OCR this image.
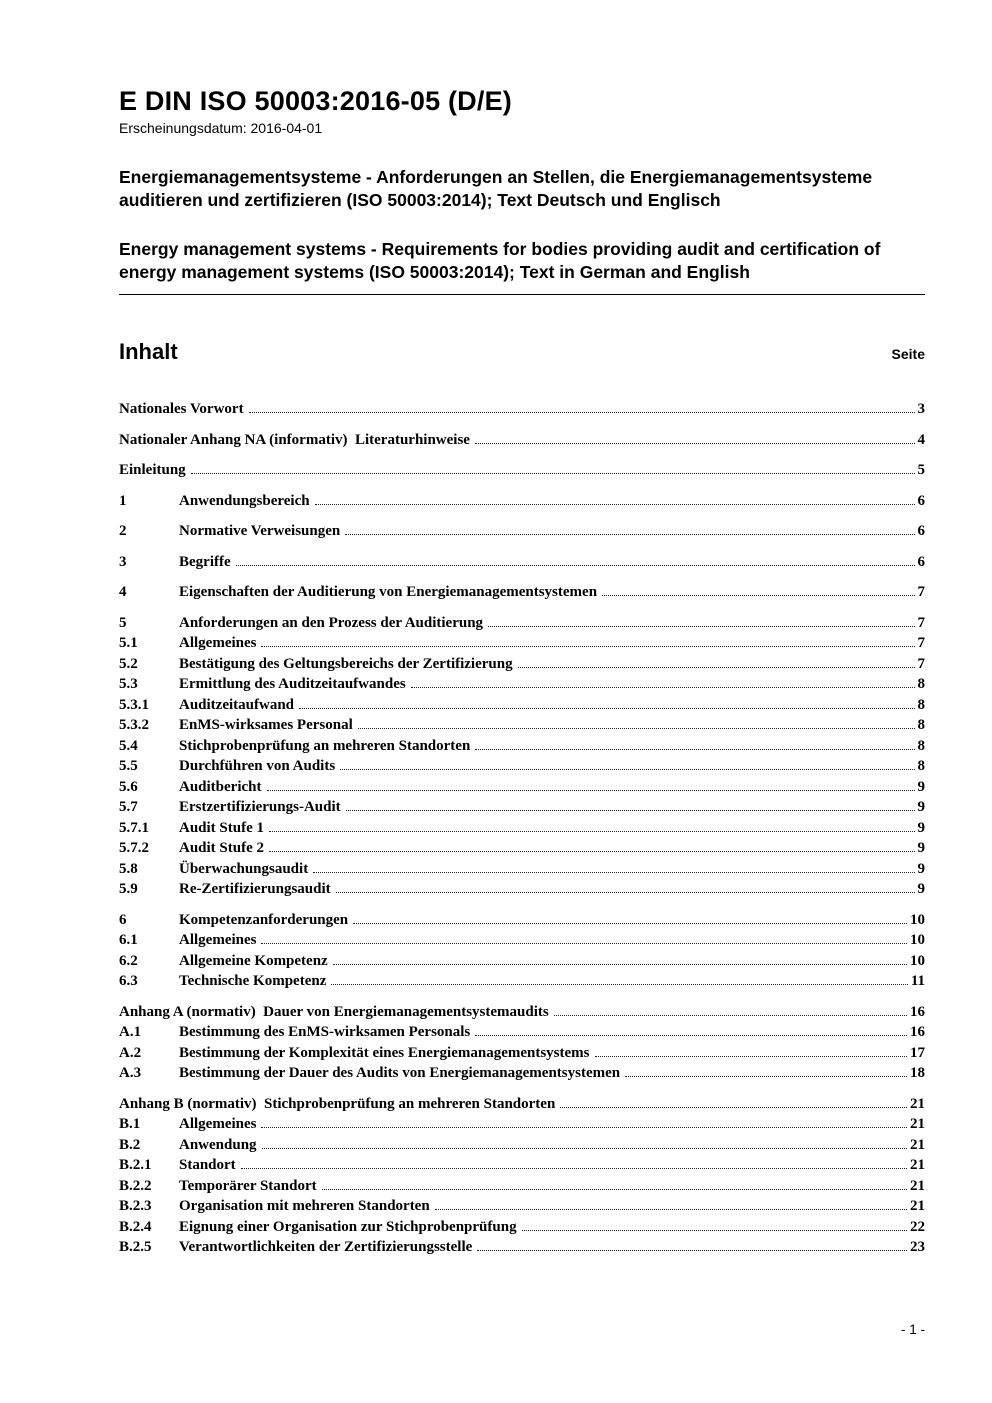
E DIN ISO 50003:2016-05 (D/E)
Erscheinungsdatum: 2016-04-01

Energiemanagementsysteme - Anforderungen an Stellen, die Energiemanagementsysteme auditieren und zertifizieren (ISO 50003:2014); Text Deutsch und Englisch

Energy management systems - Requirements for bodies providing audit and certification of energy management systems (ISO 50003:2014); Text in German and English

Inhalt	Seite
Nationales Vorwort	3
Nationaler Anhang NA (informativ)  Literaturhinweise	4
Einleitung	5
1	Anwendungsbereich	6
2	Normative Verweisungen	6
3	Begriffe	6
4	Eigenschaften der Auditierung von Energiemanagementsystemen	7
5	Anforderungen an den Prozess der Auditierung	7
5.1	Allgemeines	7
5.2	Bestätigung des Geltungsbereichs der Zertifizierung	7
5.3	Ermittlung des Auditzeitaufwandes	8
5.3.1	Auditzeitaufwand	8
5.3.2	EnMS-wirksames Personal	8
5.4	Stichprobenprüfung an mehreren Standorten	8
5.5	Durchführen von Audits	8
5.6	Auditbericht	9
5.7	Erstzertifizierungs-Audit	9
5.7.1	Audit Stufe 1	9
5.7.2	Audit Stufe 2	9
5.8	Überwachungsaudit	9
5.9	Re-Zertifizierungsaudit	9
6	Kompetenzanforderungen	10
6.1	Allgemeines	10
6.2	Allgemeine Kompetenz	10
6.3	Technische Kompetenz	11
Anhang A (normativ)  Dauer von Energiemanagementsystemaudits	16
A.1	Bestimmung des EnMS-wirksamen Personals	16
A.2	Bestimmung der Komplexität eines Energiemanagementsystems	17
A.3	Bestimmung der Dauer des Audits von Energiemanagementsystemen	18
Anhang B (normativ)  Stichprobenprüfung an mehreren Standorten	21
B.1	Allgemeines	21
B.2	Anwendung	21
B.2.1	Standort	21
B.2.2	Temporärer Standort	21
B.2.3	Organisation mit mehreren Standorten	21
B.2.4	Eignung einer Organisation zur Stichprobenprüfung	22
B.2.5	Verantwortlichkeiten der Zertifizierungsstelle	23
- 1 -
